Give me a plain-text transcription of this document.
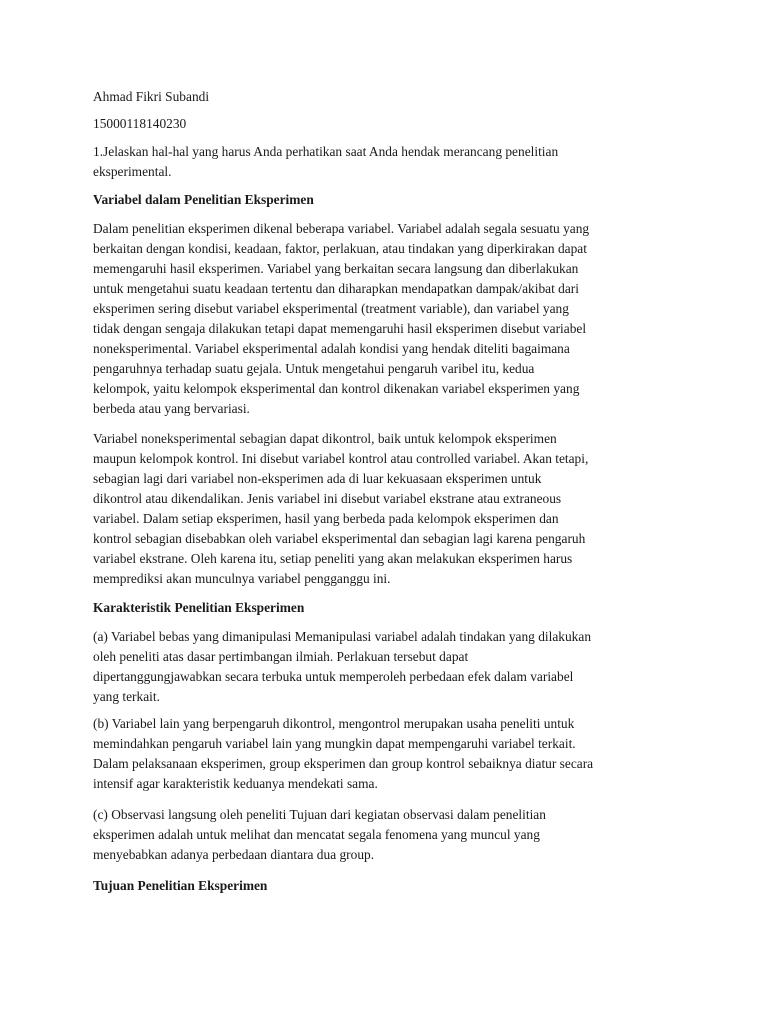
Ahmad Fikri Subandi

15000118140230

1.Jelaskan hal-hal yang harus Anda perhatikan saat Anda hendak merancang penelitian
eksperimental.

Variabel dalam Penelitian Eksperimen

Dalam penelitian eksperimen dikenal beberapa variabel. Variabel adalah segala sesuatu yang
berkaitan dengan kondisi, keadaan, faktor, perlakuan, atau tindakan yang diperkirakan dapat
memengaruhi hasil eksperimen. Variabel yang berkaitan secara langsung dan diberlakukan
untuk mengetahui suatu keadaan tertentu dan diharapkan mendapatkan dampak/akibat dari
eksperimen sering disebut variabel eksperimental (treatment variable), dan variabel yang
tidak dengan sengaja dilakukan tetapi dapat memengaruhi hasil eksperimen disebut variabel
noneksperimental. Variabel eksperimental adalah kondisi yang hendak diteliti bagaimana
pengaruhnya terhadap suatu gejala. Untuk mengetahui pengaruh varibel itu, kedua
kelompok, yaitu kelompok eksperimental dan kontrol dikenakan variabel eksperimen yang
berbeda atau yang bervariasi.

Variabel noneksperimental sebagian dapat dikontrol, baik untuk kelompok eksperimen
maupun kelompok kontrol. Ini disebut variabel kontrol atau controlled variabel. Akan tetapi,
sebagian lagi dari variabel non-eksperimen ada di luar kekuasaan eksperimen untuk
dikontrol atau dikendalikan. Jenis variabel ini disebut variabel ekstrane atau extraneous
variabel. Dalam setiap eksperimen, hasil yang berbeda pada kelompok eksperimen dan
kontrol sebagian disebabkan oleh variabel eksperimental dan sebagian lagi karena pengaruh
variabel ekstrane. Oleh karena itu, setiap peneliti yang akan melakukan eksperimen harus
memprediksi akan munculnya variabel pengganggu ini.

Karakteristik Penelitian Eksperimen

(a) Variabel bebas yang dimanipulasi Memanipulasi variabel adalah tindakan yang dilakukan
oleh peneliti atas dasar pertimbangan ilmiah. Perlakuan tersebut dapat
dipertanggungjawabkan secara terbuka untuk memperoleh perbedaan efek dalam variabel
yang terkait.

(b) Variabel lain yang berpengaruh dikontrol, mengontrol merupakan usaha peneliti untuk
memindahkan pengaruh variabel lain yang mungkin dapat mempengaruhi variabel terkait.
Dalam pelaksanaan eksperimen, group eksperimen dan group kontrol sebaiknya diatur secara
intensif agar karakteristik keduanya mendekati sama.

(c) Observasi langsung oleh peneliti Tujuan dari kegiatan observasi dalam penelitian
eksperimen adalah untuk melihat dan mencatat segala fenomena yang muncul yang
menyebabkan adanya perbedaan diantara dua group.

Tujuan Penelitian Eksperimen
